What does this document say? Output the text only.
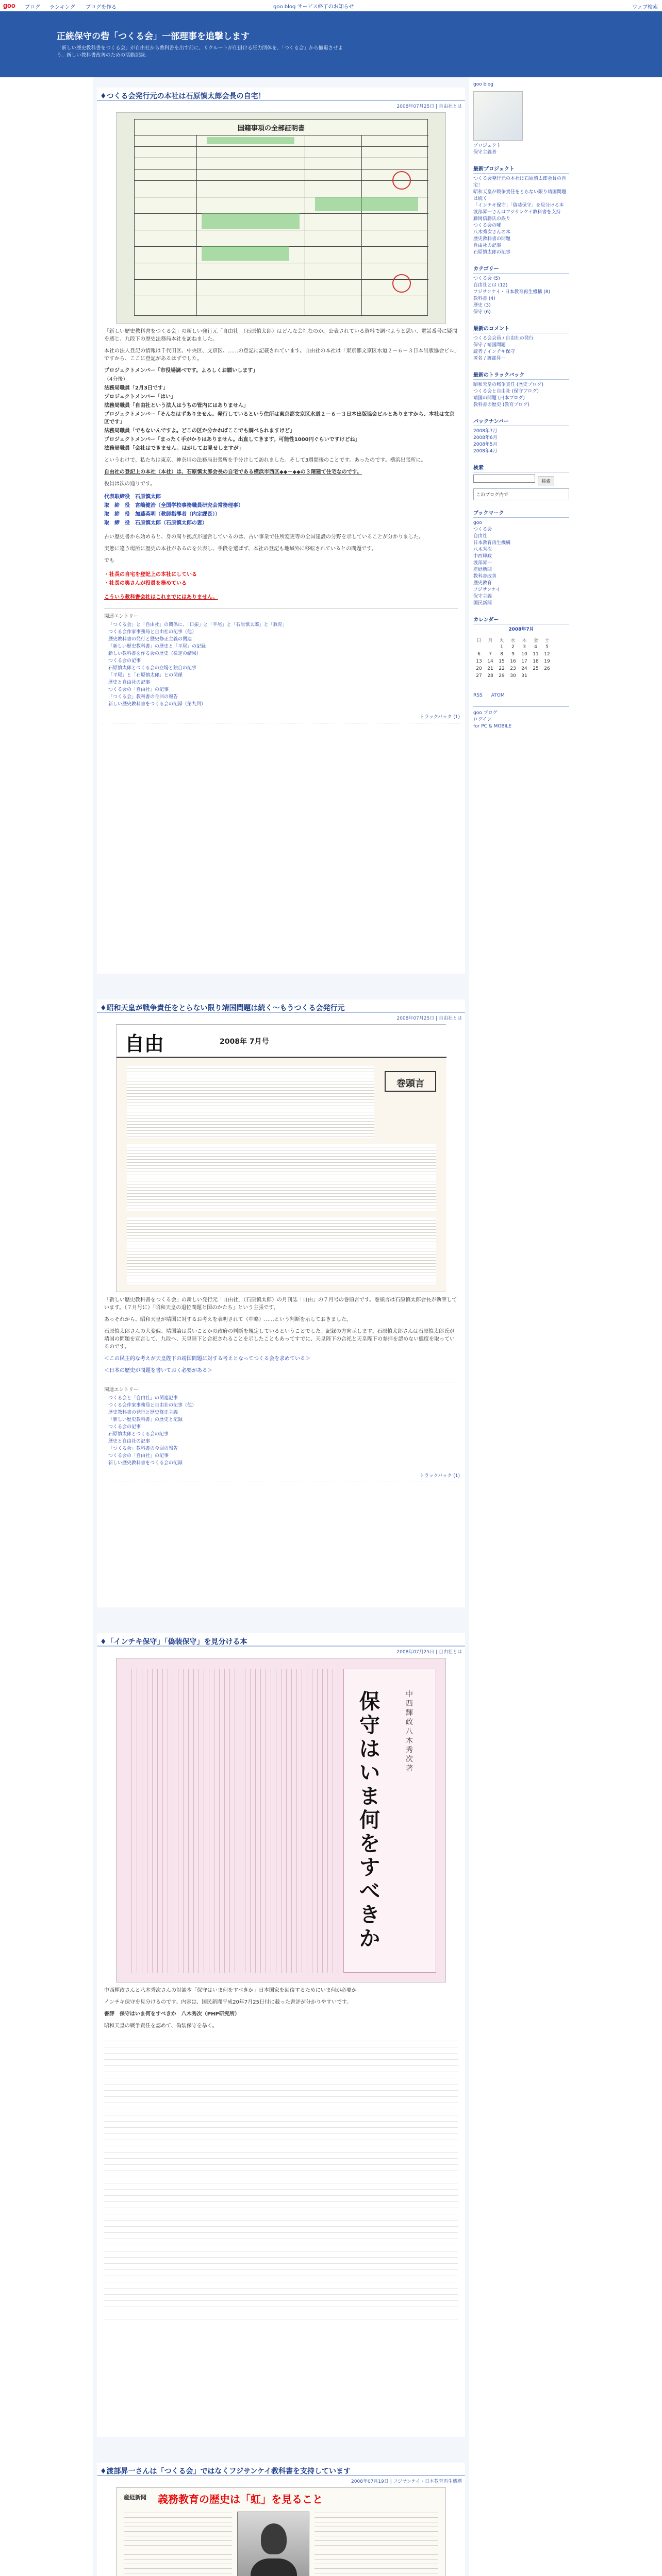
goo	ブログ ランキング ブログを作る	goo blog サービス終了のお知らせ	ウェブ検索
正統保守の砦「つくる会」一部理事を追撃します
「新しい歴史教科書をつくる会」が自由社から教科書を出す前に、リクルートが仕掛ける圧力団体を、「つくる会」から撤退させよう。新しい教科書改善のための活動記録。
♦つくる会発行元の本社は石原慎太郎会長の自宅！
2008年07月25日 | 自由社とは
国籍事項の全部証明書
「新しい歴史教科書をつくる会」の新しい発行元「自由社」（石原慎太郎）はどんな会社なのか。公表されている資料で調べようと思い、電話番号に疑問を感じ、九段下の歴史法務局本社を訪ねました。
本社の法人登記の情報は千代田区、中央区、文京区、……の登記に記載されています。自由社の本社は「東京都文京区水道２－６－３日本出版協会ビル」ですから、ここに登記があるはずでした。
プロジェクトメンバー「市役場調べです。よろしくお願いします」
（4分後）
法務局職員「2月3日です」
プロジェクトメンバー「はい」
法務局職員「自由社という法人はうちの管内にはありません」
プロジェクトメンバー「そんなはずありません。発行しているという住所は東京都文京区水道２－６－３日本出版協会ビルとありますから、本社は文京区です」
法務局職員「でもないんですよ。どこの区か分かればここでも調べられますけど」
プロジェクトメンバー「まったく手がかりはありません。出直してきます。可能性1000円ぐらいですけどね」
法務局職員「会社はできません。はがしてお見せしますが」
というわけで、私たちは東京、神奈川の法務局出張所を手分けして訪れました。そして3週間後のことです。あったのです。横浜出張所に。
自由社の登記上の本社（本社）は、石原慎太郎会長の自宅である横浜市西区◆◆－◆◆の３階建て住宅なのです。
役員は次の通りです。
代表取締役　石原慎太郎
取　締　役　宮嶋健治（全国学校事務職員研究会常務理事）
取　締　役　加藤英明（教師指導者（内定課長））
取　締　役　石原慎太郎（石原慎太郎の妻）
古い歴史書から始めると、身の周り拠点が運営しているのは、古い事業で住所変更等の全国建設の分野を示していることが分かりました。
実態に違う場所に歴史の本社があるのを公表し、手段を選ばず、本社の登記も地域外に移転されているとの問題です。
でも
・社長の自宅を登記上の本社にしている
・社長の奥さんが役員を務めている
こういう教科書会社はこれまでにはありません。
関連エントリー
「つくる会」と「自由社」の関係に、「口振」と「平尾」と「石原慎太郎」と「教育」
つくる会作家事務局と自由社の記事（他）
歴史教科書の発行と歴史修正主義の関連
「新しい歴史教科書」の歴史と「平尾」の記録
新しい教科書を作る会の歴史（検定の結果）
つくる会の記事
石原慎太郎とつくる会の立場と独自の記事
「平尾」と「石原慎太郎」との関係
歴史と自由社の記事
つくる会の「自由社」の記事
「つくる会」教科書の今回の報告
新しい歴史教科書をつくる会の記録（第九回）
トラックバック (1)
♦昭和天皇が戦争責任をとらない限り靖国問題は続く～もうつくる会発行元
2008年07月25日 | 自由社とは
自由	2008年 7月号
巻頭言
「新しい歴史教科書をつくる会」の新しい発行元「自由社」（石原慎太郎）の月刊誌「自由」の７月号の巻頭言です。巻頭言は石原慎太郎会長が執筆しています。（７月号に）「昭和天皇の退位問題と国のかたち」という主張です。
あっそれから、昭和天皇が靖国に対するお考えを表明されて（中略）……という判断を示しておきました。
石原慎太郎さんの大変偏、靖国論は長いことかの政府の判断を規定しているということでした。記録の方向示します。石原慎太郎さんは石原慎太郎氏が靖国の問題を宣言して、九段へ、天皇陛下と合祀されることを示したこともあってすでに、天皇陛下の合祀と天皇陛下の参拝を認めない態度を取っているのです。
＜この民主的な考えが天皇陛下の靖国問題に対する考えとなってつくる会を求めている＞
＜日本の歴史が問題を書いておく必要がある＞
関連エントリー
つくる会と「自由社」の関連記事
つくる会作家事務局と自由社の記事（他）
歴史教科書の発行と歴史修正主義
「新しい歴史教科書」の歴史と記録
つくる会の記事
石原慎太郎とつくる会の記事
歴史と自由社の記事
「つくる会」教科書の今回の報告
つくる会の「自由社」の記事
新しい歴史教科書をつくる会の記録
トラックバック (1)
♦「インチキ保守」「偽装保守」を見分ける本
2008年07月25日 | 自由社とは
保守はいま何をすべきか
中西輝政 八木秀次著
中西輝政さんと八木秀次さんの対談本「保守はいま何をすべきか」日本国家を回復するためにいま何が必要か。
インチキ保守を見分けるのです。内容は、国民新聞平成20年7月25日付に載った書評が分かりやすいです。
書評　保守はいま何をすべきか　八木秀次（PHP研究所）
昭和天皇の戦争責任を認めて、偽装保守を暴く。
♦渡部昇一さんは「つくる会」ではなくフジサンケイ教科書を支持しています
2008年07月19日 | フジサンケイ・日本教育再生機構
産経新聞 義務教育の歴史は「虹」を見ること
goo blog
プロジェクト
保守主義者
最新プロジェクト
つくる会発行元の本社は石原慎太郎会長の自宅！
昭和天皇が戦争責任をとらない限り靖国問題は続く
「インチキ保守」「偽装保守」を見分ける本
渡部昇一さんはフジサンケイ教科書を支持
藤岡信勝氏の誤り
つくる会の嘘
八木秀次さんの本
歴史教科書の問題
自由社の記事
石原慎太郎の記事
カテゴリー
つくる会 (5)
自由社とは (12)
フジサンケイ・日本教育再生機構 (8)
教科書 (4)
歴史 (3)
保守 (6)
最新のコメント
つくる会会員 / 自由社の発行
保守 / 靖国問題
読者 / インチキ保守
匿名 / 渡部昇一
最新のトラックバック
昭和天皇の戦争責任 (歴史ブログ)
つくる会と自由社 (保守ブログ)
靖国の問題 (日本ブログ)
教科書の歴史 (教育ブログ)
バックナンバー
2008年7月
2008年6月
2008年5月
2008年4月
検索
検索
このブログ内で
ブックマーク
goo
つくる会
自由社
日本教育再生機構
八木秀次
中西輝政
渡部昇一
産経新聞
教科書改善
歴史教育
フジサンケイ
保守主義
国民新聞
カレンダー
2008年7月
日	月	火	水	木	金	土
		1	2	3	4	5
6	7	8	9	10	11	12
13	14	15	16	17	18	19
20	21	22	23	24	25	26
27	28	29	30	31		
RSS ATOM
goo ブログ
ログイン
for PC & MOBILE
